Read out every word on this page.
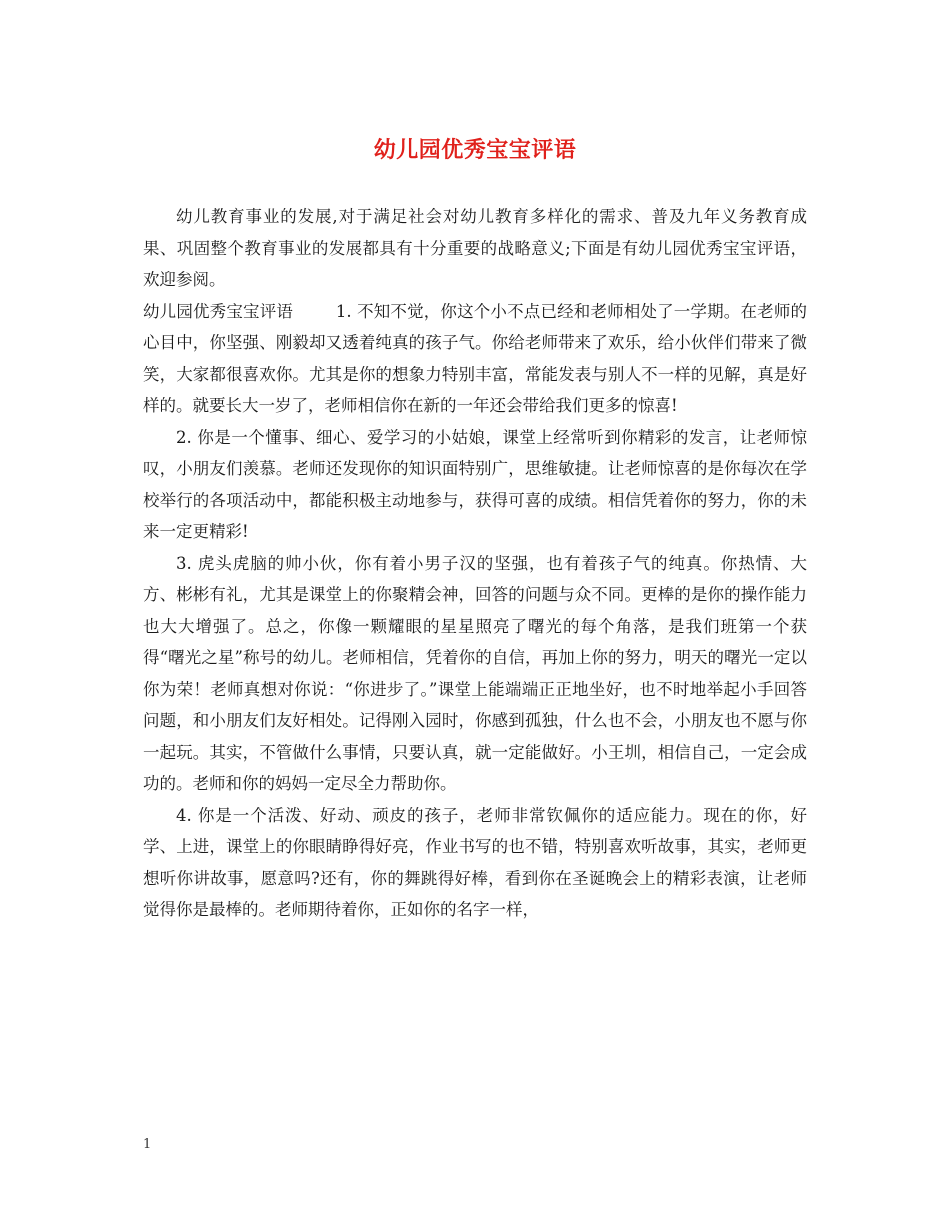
幼儿园优秀宝宝评语

幼儿教育事业的发展,对于满足社会对幼儿教育多样化的需求、普及九年义务教育成果、巩固整个教育事业的发展都具有十分重要的战略意义;下面是有幼儿园优秀宝宝评语，欢迎参阅。

幼儿园优秀宝宝评语	1. 不知不觉，你这个小不点已经和老师相处了一学期。在老师的心目中，你坚强、刚毅却又透着纯真的孩子气。你给老师带来了欢乐，给小伙伴们带来了微笑，大家都很喜欢你。尤其是你的想象力特别丰富，常能发表与别人不一样的见解，真是好样的。就要长大一岁了，老师相信你在新的一年还会带给我们更多的惊喜!

2. 你是一个懂事、细心、爱学习的小姑娘，课堂上经常听到你精彩的发言，让老师惊叹，小朋友们羡慕。老师还发现你的知识面特别广，思维敏捷。让老师惊喜的是你每次在学校举行的各项活动中，都能积极主动地参与，获得可喜的成绩。相信凭着你的努力，你的未来一定更精彩!

3. 虎头虎脑的帅小伙，你有着小男子汉的坚强，也有着孩子气的纯真。你热情、大方、彬彬有礼，尤其是课堂上的你聚精会神，回答的问题与众不同。更棒的是你的操作能力也大大增强了。总之，你像一颗耀眼的星星照亮了曙光的每个角落，是我们班第一个获得“曙光之星”称号的幼儿。老师相信，凭着你的自信，再加上你的努力，明天的曙光一定以你为荣！老师真想对你说：“你进步了。”课堂上能端端正正地坐好，也不时地举起小手回答问题，和小朋友们友好相处。记得刚入园时，你感到孤独，什么也不会，小朋友也不愿与你一起玩。其实，不管做什么事情，只要认真，就一定能做好。小王圳，相信自己，一定会成功的。老师和你的妈妈一定尽全力帮助你。

4. 你是一个活泼、好动、顽皮的孩子，老师非常钦佩你的适应能力。现在的你，好学、上进，课堂上的你眼睛睁得好亮，作业书写的也不错，特别喜欢听故事，其实，老师更想听你讲故事，愿意吗?还有，你的舞跳得好棒，看到你在圣诞晚会上的精彩表演，让老师觉得你是最棒的。老师期待着你，正如你的名字一样，

1
